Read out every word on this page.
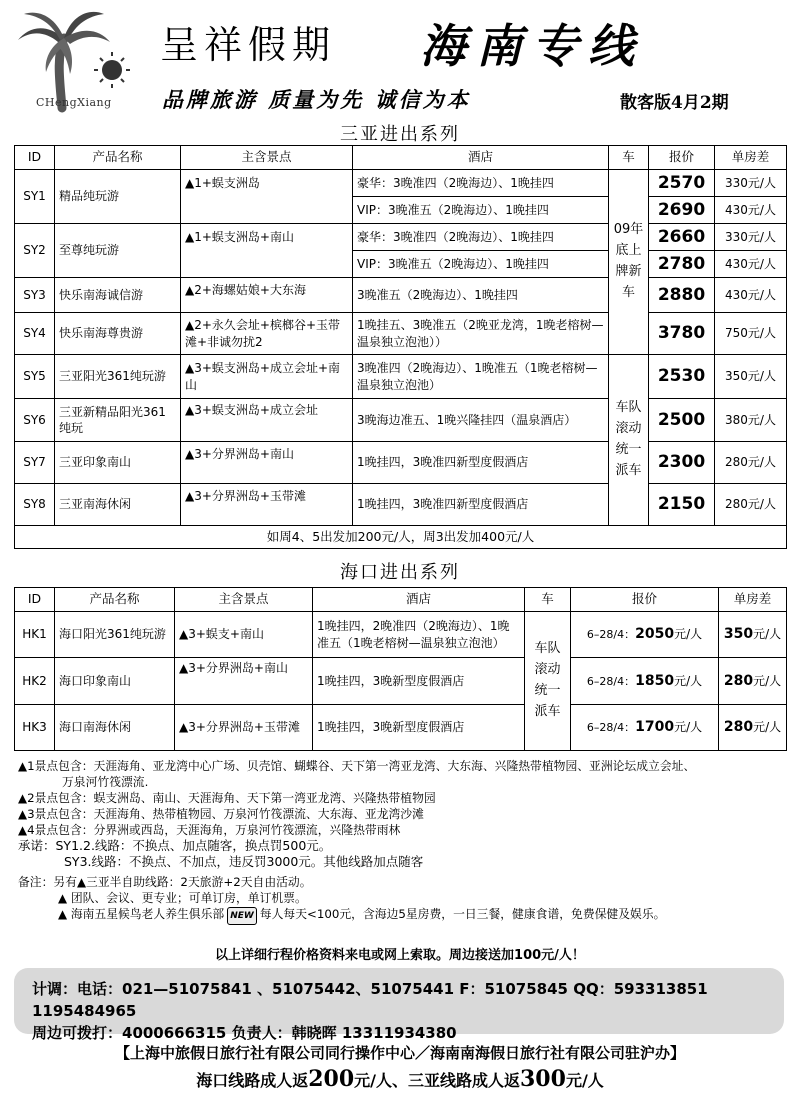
CHengXiang
呈祥假期 海南专线
品牌旅游 质量为先 诚信为本	散客版4月2期
三亚进出系列
ID	产品名称	主含景点	酒店	车	报价	单房差
SY1	精品纯玩游	▲1+蜈支洲岛	豪华：3晚准四（2晚海边）、1晚挂四	09年底上牌新车	2570	330元/人
			VIP：3晚准五（2晚海边）、1晚挂四		2690	430元/人
SY2	至尊纯玩游	▲1+蜈支洲岛+南山	豪华：3晚准四（2晚海边）、1晚挂四		2660	330元/人
			VIP：3晚准五（2晚海边）、1晚挂四		2780	430元/人
SY3	快乐南海诚信游	▲2+海螺姑娘+大东海	3晚准五（2晚海边）、1晚挂四		2880	430元/人
SY4	快乐南海尊贵游	▲2+永久会址+槟榔谷+玉带滩+非诚勿扰2	1晚挂五、3晚准五（2晚亚龙湾，1晚老榕树—温泉独立泡池））		3780	750元/人
SY5	三亚阳光361纯玩游	▲3+蜈支洲岛+成立会址+南山	3晚准四（2晚海边）、1晚准五（1晚老榕树—温泉独立泡池）	车队滚动统一派车	2530	350元/人
SY6	三亚新精品阳光361纯玩	▲3+蜈支洲岛+成立会址	3晚海边准五、1晚兴隆挂四（温泉酒店）		2500	380元/人
SY7	三亚印象南山	▲3+分界洲岛+南山	1晚挂四，3晚准四新型度假酒店		2300	280元/人
SY8	三亚南海休闲	▲3+分界洲岛+玉带滩	1晚挂四，3晚准四新型度假酒店		2150	280元/人
如周4、5出发加200元/人，周3出发加400元/人						
海口进出系列
ID	产品名称	主含景点	酒店	车	报价	单房差
HK1	海口阳光361纯玩游	▲3+蜈支+南山	1晚挂四，2晚准四（2晚海边）、1晚准五（1晚老榕树—温泉独立泡池）	车队滚动统一派车	6–28/4：2050元/人	350元/人
HK2	海口印象南山	▲3+分界洲岛+南山	1晚挂四，3晚新型度假酒店		6–28/4：1850元/人	280元/人
HK3	海口南海休闲	▲3+分界洲岛+玉带滩	1晚挂四，3晚新型度假酒店		6–28/4：1700元/人	280元/人
▲1景点包含：天涯海角、亚龙湾中心广场、贝壳馆、蝴蝶谷、天下第一湾亚龙湾、大东海、兴隆热带植物园、亚洲论坛成立会址、
万泉河竹筏漂流.
▲2景点包含：蜈支洲岛、南山、天涯海角、天下第一湾亚龙湾、兴隆热带植物园
▲3景点包含：天涯海角、热带植物园、万泉河竹筏漂流、大东海、亚龙湾沙滩
▲4景点包含：分界洲或西岛，天涯海角，万泉河竹筏漂流，兴隆热带雨林
承诺：SY1.2.线路：不换点、加点随客，换点罚500元。
SY3.线路：不换点、不加点，违反罚3000元。其他线路加点随客
备注：另有▲三亚半自助线路：2天旅游+2天自由活动。
▲ 团队、会议、更专业；可单订房，单订机票。
▲ 海南五星候鸟老人养生俱乐部 NEW 每人每天<100元，含海边5星房费，一日三餐，健康食谱，免费保健及娱乐。
以上详细行程价格资料来电或网上索取。周边接送加100元/人！
计调：电话：021—51075841 、51075442、51075441 F：51075845 QQ：593313851 1195484965
周边可拨打：4000666315 负责人：韩晓晖 13311934380
【上海中旅假日旅行社有限公司同行操作中心／海南南海假日旅行社有限公司驻沪办】
海口线路成人返200元/人、三亚线路成人返300元/人
